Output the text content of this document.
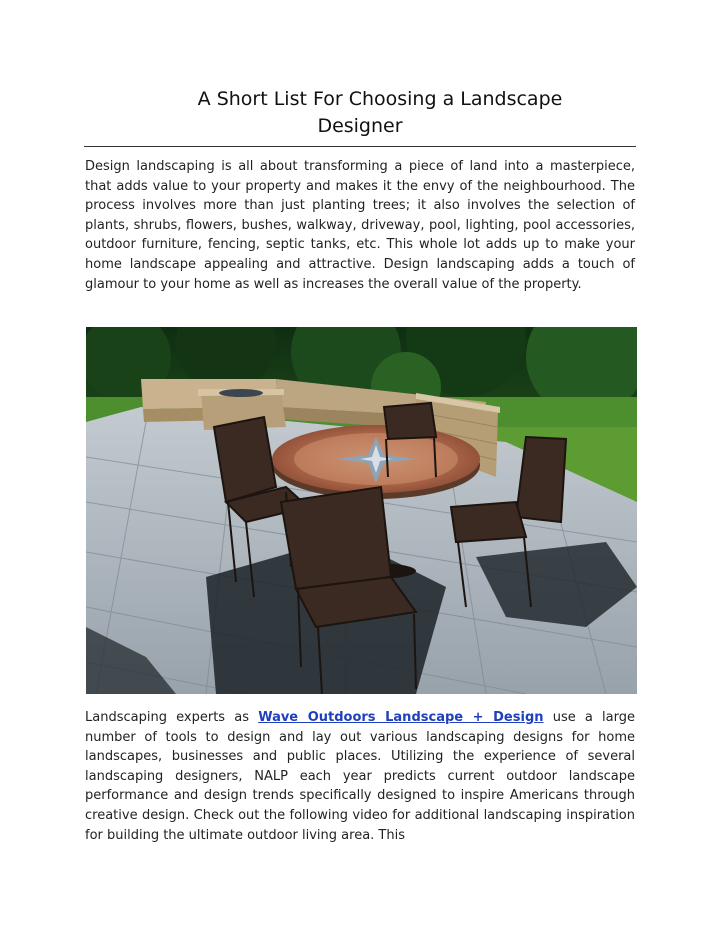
A Short List For Choosing a Landscape
Designer

Design landscaping is all about transforming a piece of land into a masterpiece, that adds value to your property and makes it the envy of the neighbourhood. The process involves more than just planting trees; it also involves the selection of plants, shrubs, flowers, bushes, walkway, driveway, pool, lighting, pool accessories, outdoor furniture, fencing, septic tanks, etc. This whole lot adds up to make your home landscape appealing and attractive. Design landscaping adds a touch of glamour to your home as well as increases the overall value of the property.

Landscaping experts as Wave Outdoors Landscape + Design use a large number of tools to design and lay out various landscaping designs for home landscapes, businesses and public places. Utilizing the experience of several landscaping designers, NALP each year predicts current outdoor landscape performance and design trends specifically designed to inspire Americans through creative design. Check out the following video for additional landscaping inspiration for building the ultimate outdoor living area. This
